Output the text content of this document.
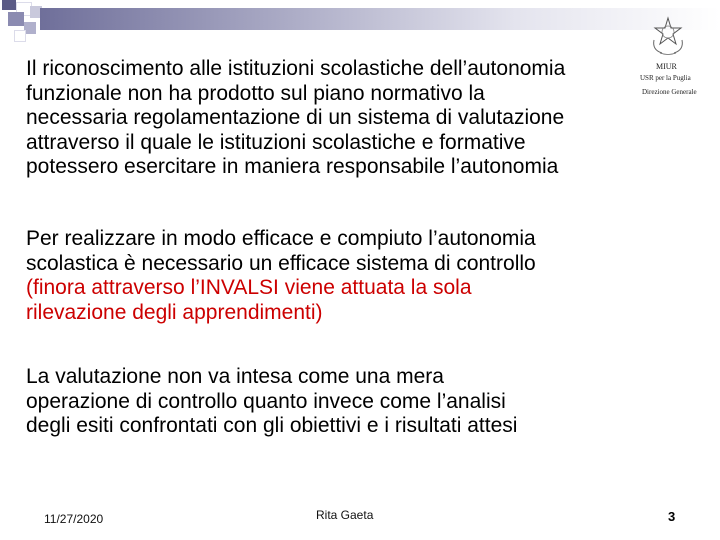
MIUR
USR per la Puglia
Direzione Generale

Il riconoscimento alle istituzioni scolastiche dell’autonomia
funzionale non ha prodotto sul piano normativo la
necessaria regolamentazione di un sistema di valutazione
attraverso il quale le istituzioni scolastiche e formative
potessero esercitare in maniera responsabile l’autonomia

Per realizzare in modo efficace e compiuto l’autonomia
scolastica è necessario un efficace sistema di controllo
(finora attraverso l’INVALSI viene attuata la sola
rilevazione degli apprendimenti)

La valutazione non va intesa come una mera
operazione di controllo quanto invece come l’analisi
degli esiti confrontati con gli obiettivi e i risultati attesi

11/27/2020	Rita Gaeta	3
